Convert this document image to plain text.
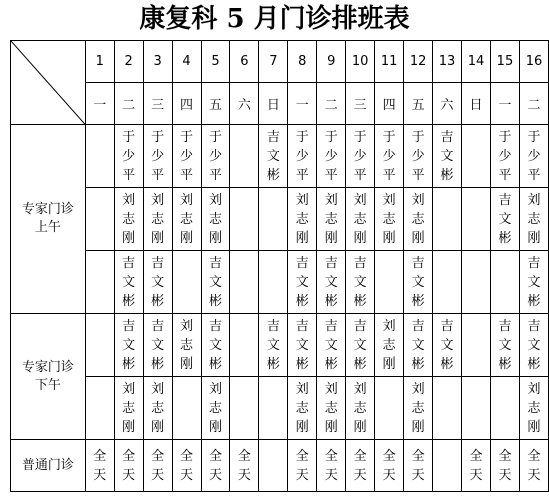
康复科 5 月门诊排班表
	1	2	3	4	5	6	7	8	9	10	11	12	13	14	15	16
	一	二	三	四	五	六	日	一	二	三	四	五	六	日	一	二
专家门诊
上午		于
少
平	于
少
平	于
少
平	于
少
平		吉
文
彬	于
少
平	于
少
平	于
少
平	于
少
平	于
少
平	吉
文
彬		于
少
平	于
少
平

		刘
志
刚	刘
志
刚	刘
志
刚	刘
志
刚			刘
志
刚	刘
志
刚	刘
志
刚	刘
志
刚	刘
志
刚			吉
文
彬	刘
志
刚

		吉
文
彬	吉
文
彬		吉
文
彬			吉
文
彬	吉
文
彬	吉
文
彬		吉
文
彬				吉
文
彬

专家门诊
下午		吉
文
彬	吉
文
彬	刘
志
刚	吉
文
彬		吉
文
彬	吉
文
彬	吉
文
彬	吉
文
彬	刘
志
刚	吉
文
彬	吉
文
彬		吉
文
彬	吉
文
彬

		刘
志
刚	刘
志
刚		刘
志
刚			刘
志
刚	刘
志
刚	刘
志
刚		刘
志
刚				刘
志
刚

普通门诊	全
天	全
天	全
天	全
天	全
天	全
天		全
天	全
天	全
天	全
天	全
天		全
天	全
天	全
天
